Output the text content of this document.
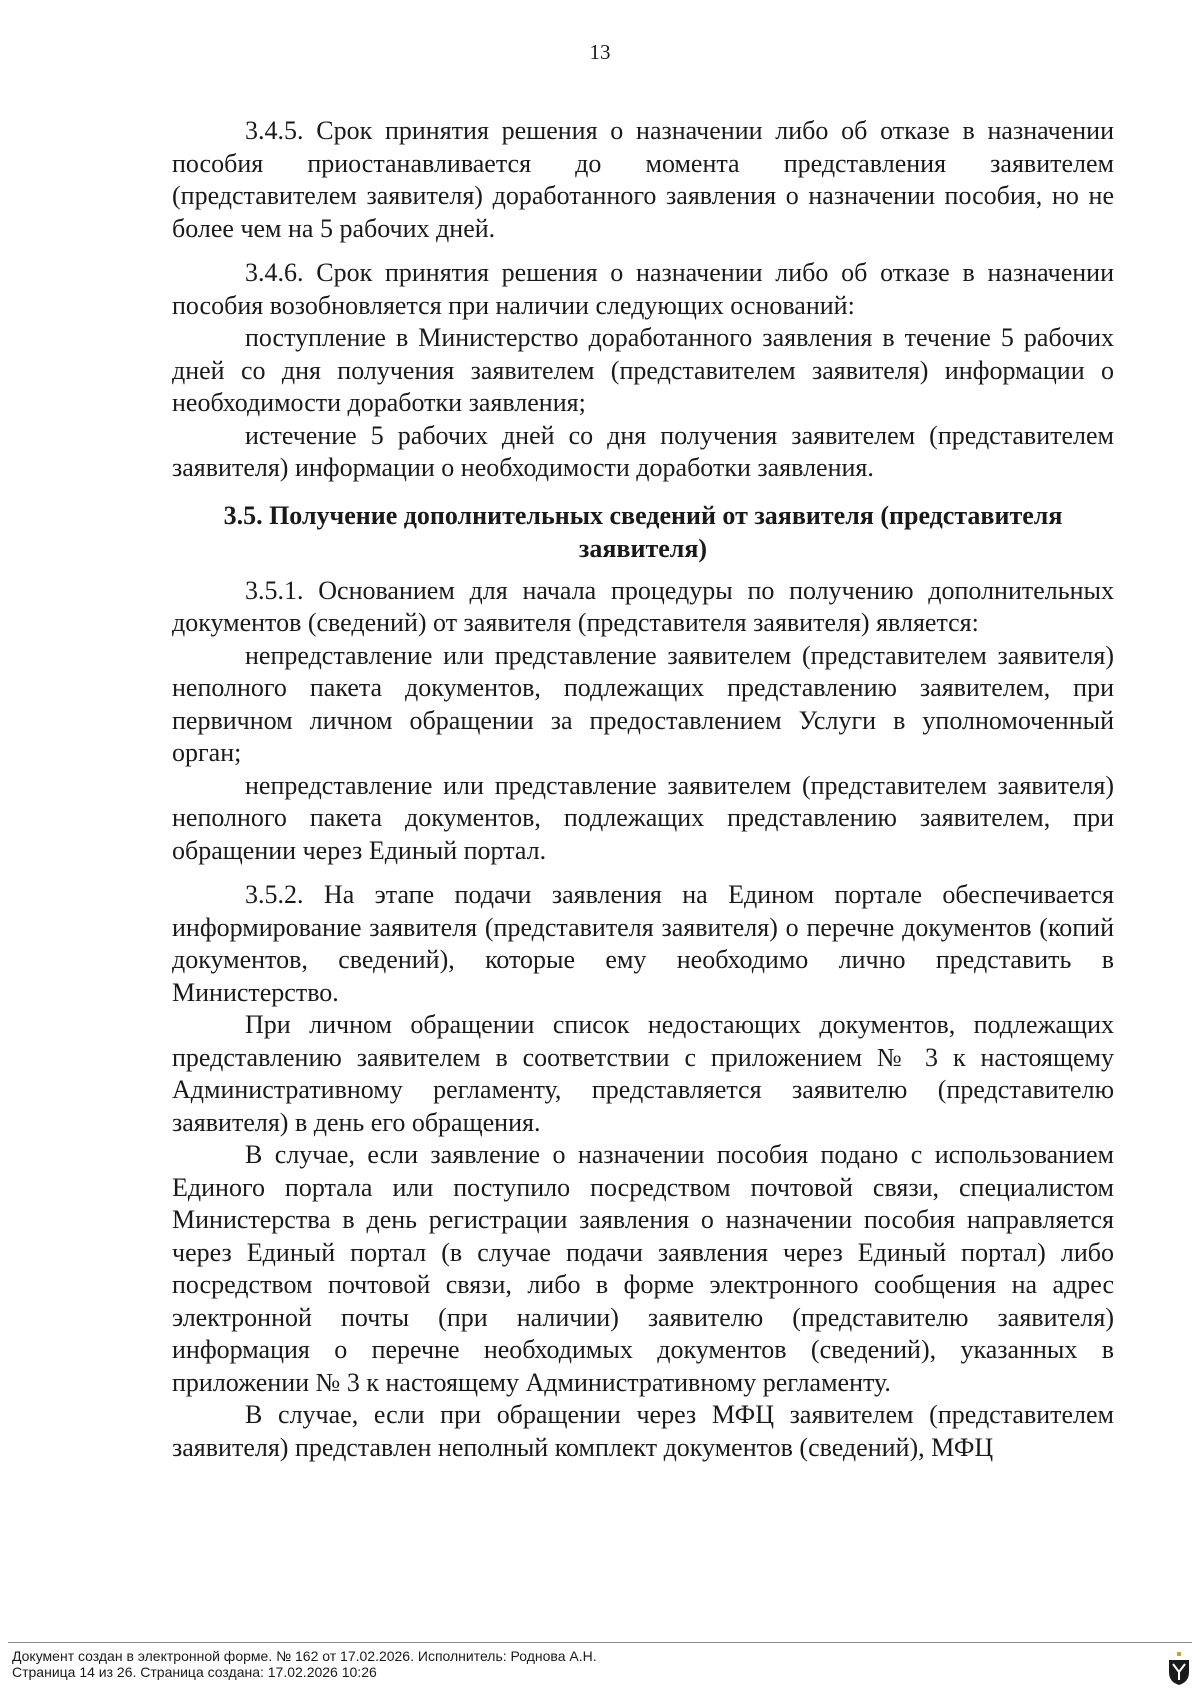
13

3.4.5. Срок принятия решения о назначении либо об отказе в назначении пособия приостанавливается до момента представления заявителем (представителем заявителя) доработанного заявления о назначении пособия, но не более чем на 5 рабочих дней.

3.4.6. Срок принятия решения о назначении либо об отказе в назначении пособия возобновляется при наличии следующих оснований:

поступление в Министерство доработанного заявления в течение 5 рабочих дней со дня получения заявителем (представителем заявителя) информации о необходимости доработки заявления;

истечение 5 рабочих дней со дня получения заявителем (представителем заявителя) информации о необходимости доработки заявления.

3.5. Получение дополнительных сведений от заявителя (представителя заявителя)

3.5.1. Основанием для начала процедуры по получению дополнительных документов (сведений) от заявителя (представителя заявителя) является:

непредставление или представление заявителем (представителем заявителя) неполного пакета документов, подлежащих представлению заявителем, при первичном личном обращении за предоставлением Услуги в уполномоченный орган;

непредставление или представление заявителем (представителем заявителя) неполного пакета документов, подлежащих представлению заявителем, при обращении через Единый портал.

3.5.2. На этапе подачи заявления на Едином портале обеспечивается информирование заявителя (представителя заявителя) о перечне документов (копий документов, сведений), которые ему необходимо лично представить в Министерство.

При личном обращении список недостающих документов, подлежащих представлению заявителем в соответствии с приложением № 3 к настоящему Административному регламенту, представляется заявителю (представителю заявителя) в день его обращения.

В случае, если заявление о назначении пособия подано с использованием Единого портала или поступило посредством почтовой связи, специалистом Министерства в день регистрации заявления о назначении пособия направляется через Единый портал (в случае подачи заявления через Единый портал) либо посредством почтовой связи, либо в форме электронного сообщения на адрес электронной почты (при наличии) заявителю (представителю заявителя) информация о перечне необходимых документов (сведений), указанных в приложении № 3 к настоящему Административному регламенту.

В случае, если при обращении через МФЦ заявителем (представителем заявителя) представлен неполный комплект документов (сведений), МФЦ

Документ создан в электронной форме. № 162 от 17.02.2026. Исполнитель: Роднова А.Н.
Страница 14 из 26. Страница создана: 17.02.2026 10:26
